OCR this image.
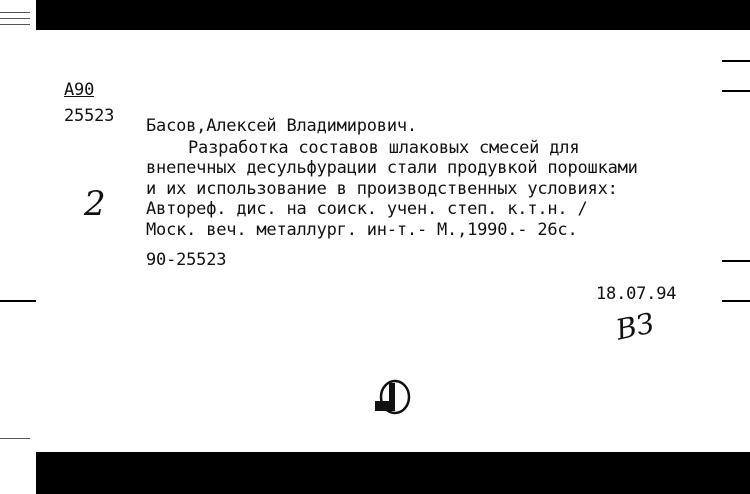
А90
25523 Басов,Алексей Владимирович.
Разработка составов шлаковых смесей для
внепечных десульфурации стали продувкой порошками
и их использование в производственных условиях:
Автореф. дис. на соиск. учен. степ. к.т.н. /
Моск. веч. металлург. ин-т.- М.,1990.- 26с.
90-25523
18.07.94
2
ВЗ
